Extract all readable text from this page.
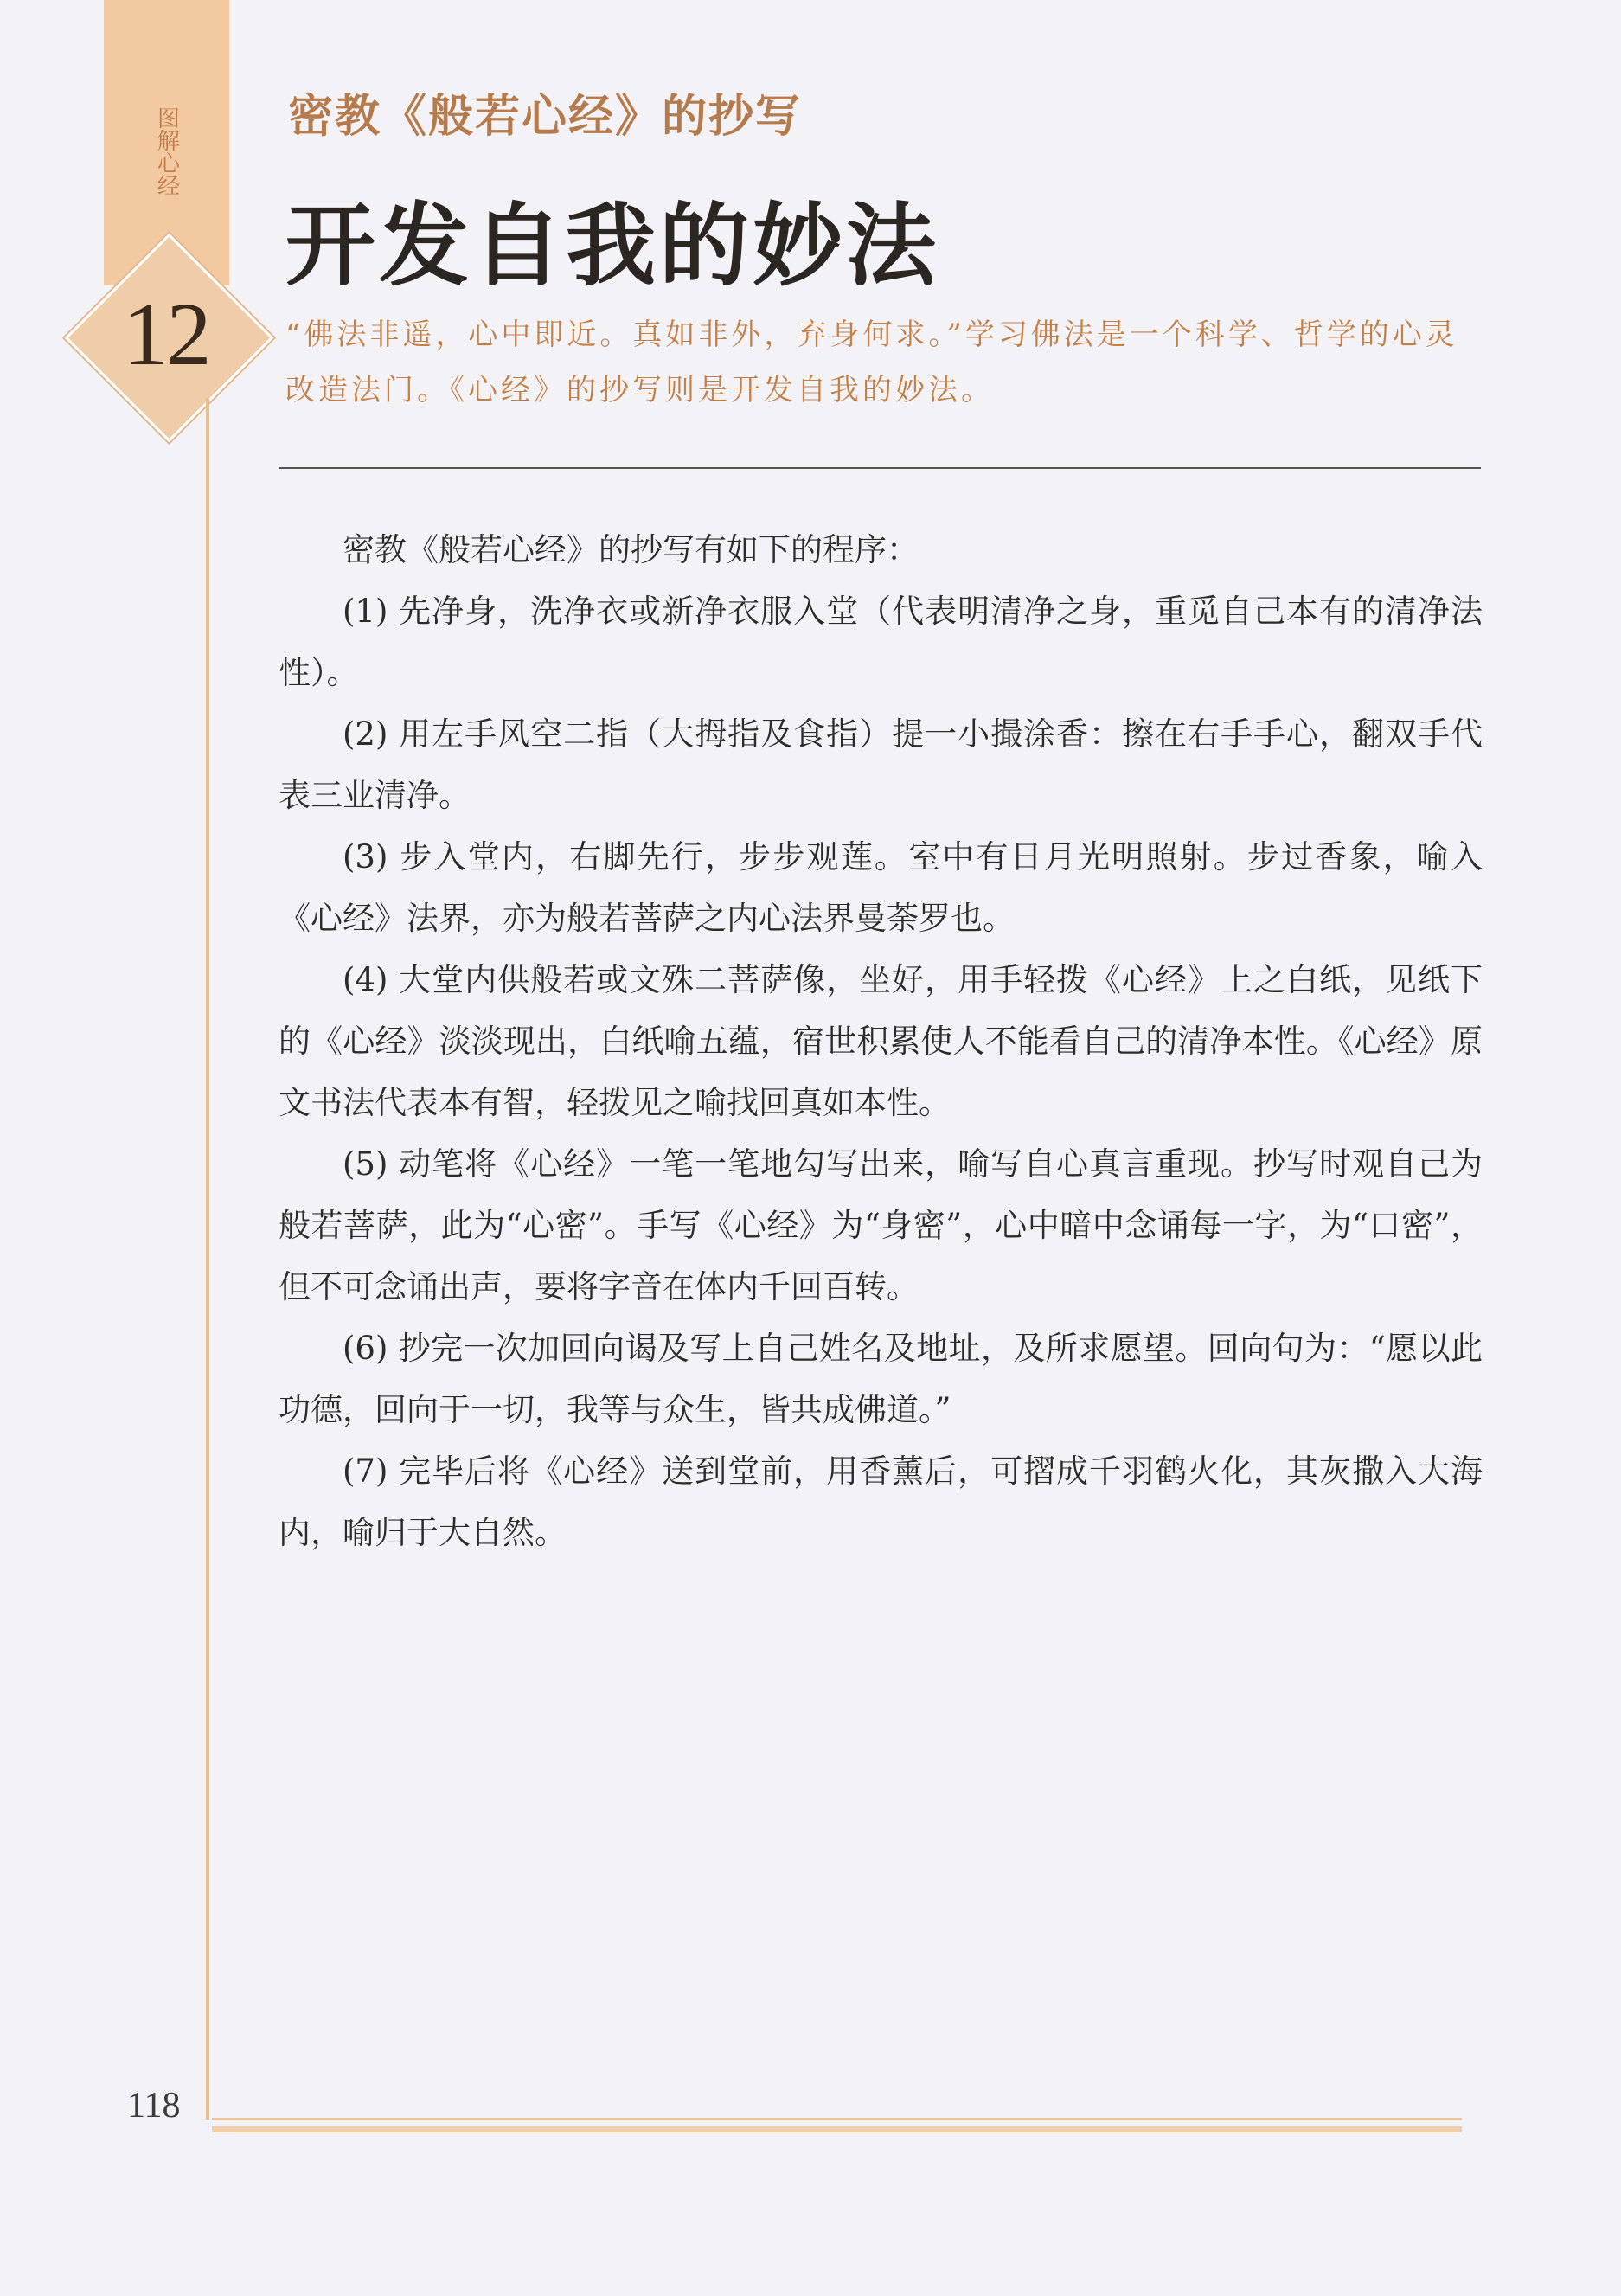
图解心经
12
密教《般若心经》的抄写
开发自我的妙法
“佛法非遥，心中即近。真如非外，弃身何求。”学习佛法是一个科学、哲学的心灵改造法门。《心经》的抄写则是开发自我的妙法。

密教《般若心经》的抄写有如下的程序：

(1) 先净身，洗净衣或新净衣服入堂（代表明清净之身，重觅自己本有的清净法性）。

(2) 用左手风空二指（大拇指及食指）提一小撮涂香：擦在右手手心，翻双手代表三业清净。

(3) 步入堂内，右脚先行，步步观莲。室中有日月光明照射。步过香象，喻入《心经》法界，亦为般若菩萨之内心法界曼荼罗也。

(4) 大堂内供般若或文殊二菩萨像，坐好，用手轻拨《心经》上之白纸，见纸下的《心经》淡淡现出，白纸喻五蕴，宿世积累使人不能看自己的清净本性。《心经》原文书法代表本有智，轻拨见之喻找回真如本性。

(5) 动笔将《心经》一笔一笔地勾写出来，喻写自心真言重现。抄写时观自己为般若菩萨，此为“心密”。手写《心经》为“身密”，心中暗中念诵每一字，为“口密”，但不可念诵出声，要将字音在体内千回百转。

(6) 抄完一次加回向谒及写上自己姓名及地址，及所求愿望。回向句为：“愿以此功德，回向于一切，我等与众生，皆共成佛道。”

(7) 完毕后将《心经》送到堂前，用香薰后，可摺成千羽鹤火化，其灰撒入大海内，喻归于大自然。

118
